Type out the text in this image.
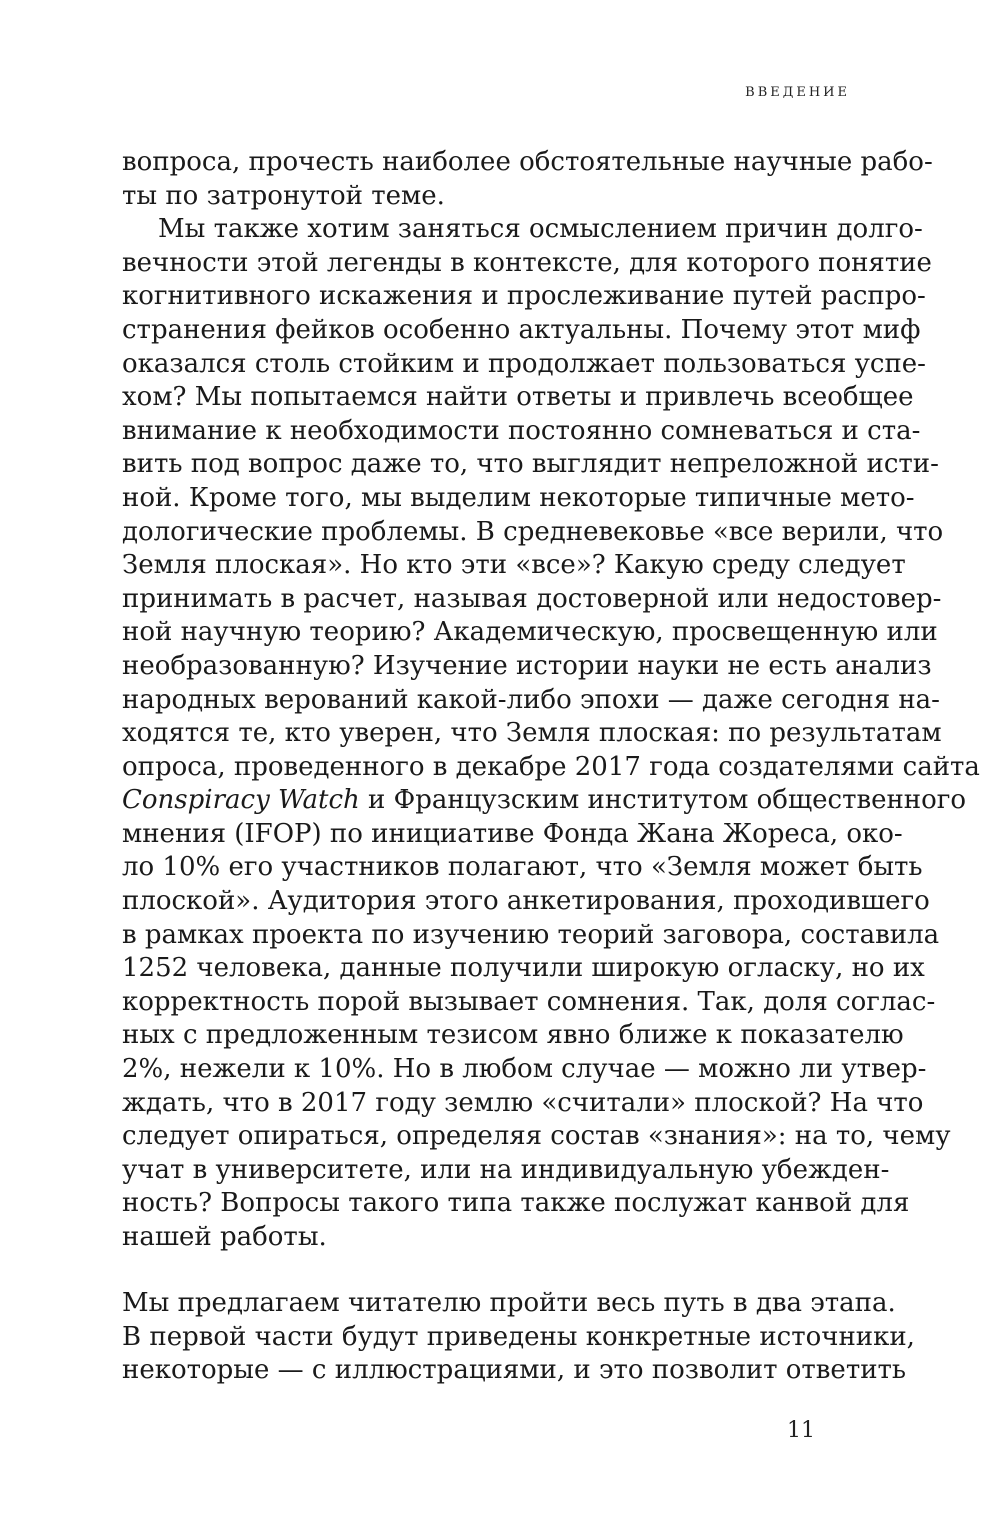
ВВЕДЕНИЕ
вопроса, прочесть наиболее обстоятельные научные рабо-
ты по затронутой теме.
Мы также хотим заняться осмыслением причин долго-
вечности этой легенды в контексте, для которого понятие
когнитивного искажения и прослеживание путей распро-
странения фейков особенно актуальны. Почему этот миф
оказался столь стойким и продолжает пользоваться успе-
хом? Мы попытаемся найти ответы и привлечь всеобщее
внимание к необходимости постоянно сомневаться и ста-
вить под вопрос даже то, что выглядит непреложной исти-
ной. Кроме того, мы выделим некоторые типичные мето-
дологические проблемы. В средневековье «все верили, что
Земля плоская». Но кто эти «все»? Какую среду следует
принимать в расчет, называя достоверной или недостовер-
ной научную теорию? Академическую, просвещенную или
необразованную? Изучение истории науки не есть анализ
народных верований какой-либо эпохи — даже сегодня на-
ходятся те, кто уверен, что Земля плоская: по результатам
опроса, проведенного в декабре 2017 года создателями сайта
Conspiracy Watch и Французским институтом общественного
мнения (IFOP) по инициативе Фонда Жана Жореса, око-
ло 10% его участников полагают, что «Земля может быть
плоской». Аудитория этого анкетирования, проходившего
в рамках проекта по изучению теорий заговора, составила
1252 человека, данные получили широкую огласку, но их
корректность порой вызывает сомнения. Так, доля соглас-
ных с предложенным тезисом явно ближе к показателю
2%, нежели к 10%. Но в любом случае — можно ли утвер-
ждать, что в 2017 году землю «считали» плоской? На что
следует опираться, определяя состав «знания»: на то, чему
учат в университете, или на индивидуальную убежден-
ность? Вопросы такого типа также послужат канвой для
нашей работы.
Мы предлагаем читателю пройти весь путь в два этапа.
В первой части будут приведены конкретные источники,
некоторые — с иллюстрациями, и это позволит ответить
11
